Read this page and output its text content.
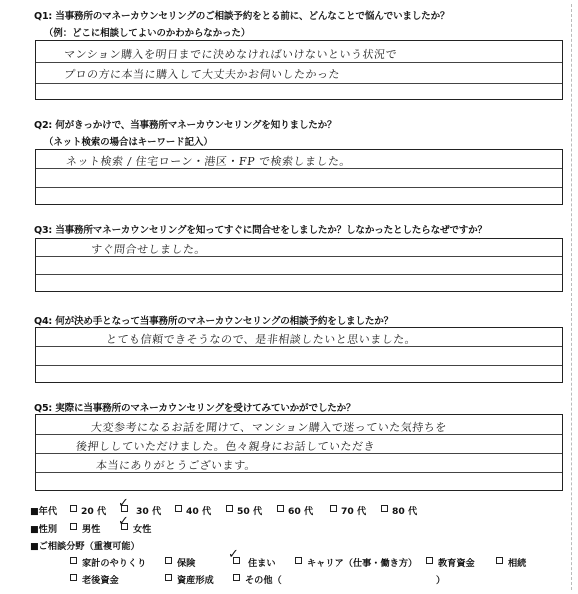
Q1: 当事務所のマネーカウンセリングのご相談予約をとる前に、どんなことで悩んでいましたか？
（例：どこに相談してよいのかわからなかった）
マンション購入を明日までに決めなければいけないという状況で
プロの方に本当に購入して大丈夫かお伺いしたかった
Q2: 何がきっかけで、当事務所マネーカウンセリングを知りましたか？
（ネット検索の場合はキーワード記入）
ネット検索 / 住宅ローン・港区・FP で検索しました。
Q3: 当事務所マネーカウンセリングを知ってすぐに問合せをしましたか？しなかったとしたらなぜですか？
すぐ問合せしました。
Q4: 何が決め手となって当事務所のマネーカウンセリングの相談予約をしましたか？
とても信頼できそうなので、是非相談したいと思いました。
Q5: 実際に当事務所のマネーカウンセリングを受けてみていかがでしたか？
大変参考になるお話を聞けて、マンション購入で迷っていた気持ちを
後押ししていただけました。色々親身にお話していただき
本当にありがとうございます。
■年代	20 代
✓
30 代	40 代	50 代	60 代	70 代	80 代
■性別	男性
✓
女性
■ご相談分野（重複可能）
家計のやりくり	保険
✓
住まい	キャリア（仕事・働き方） 教育資金	相続
老後資金	資産形成	その他（	）
